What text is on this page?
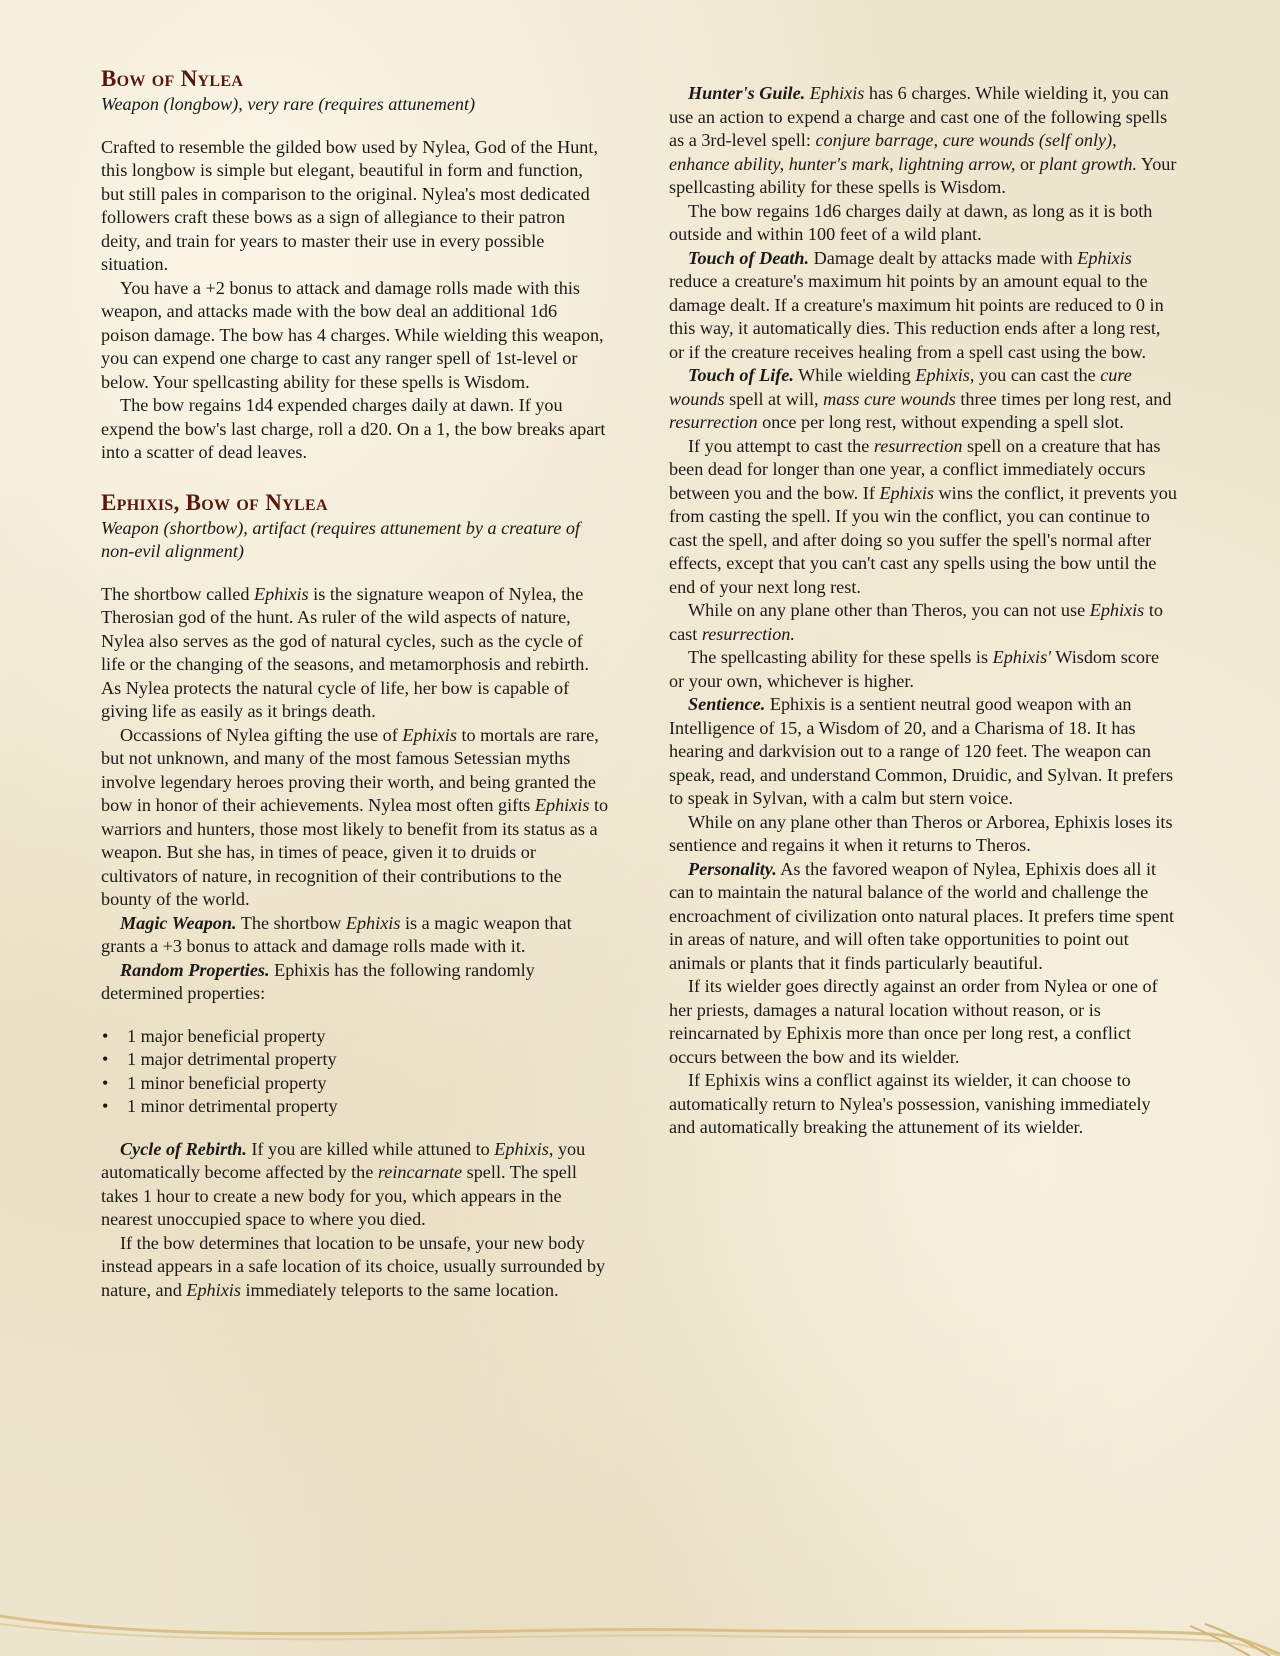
Bow of Nylea
Weapon (longbow), very rare (requires attunement)

Crafted to resemble the gilded bow used by Nylea, God of the Hunt, this longbow is simple but elegant, beautiful in form and function, but still pales in comparison to the original. Nylea's most dedicated followers craft these bows as a sign of allegiance to their patron deity, and train for years to master their use in every possible situation.

You have a +2 bonus to attack and damage rolls made with this weapon, and attacks made with the bow deal an additional 1d6 poison damage. The bow has 4 charges. While wielding this weapon, you can expend one charge to cast any ranger spell of 1st-level or below. Your spellcasting ability for these spells is Wisdom.

The bow regains 1d4 expended charges daily at dawn. If you expend the bow's last charge, roll a d20. On a 1, the bow breaks apart into a scatter of dead leaves.

Ephixis, Bow of Nylea
Weapon (shortbow), artifact (requires attunement by a creature of non-evil alignment)

The shortbow called Ephixis is the signature weapon of Nylea, the Therosian god of the hunt. As ruler of the wild aspects of nature, Nylea also serves as the god of natural cycles, such as the cycle of life or the changing of the seasons, and metamorphosis and rebirth. As Nylea protects the natural cycle of life, her bow is capable of giving life as easily as it brings death.

Occassions of Nylea gifting the use of Ephixis to mortals are rare, but not unknown, and many of the most famous Setessian myths involve legendary heroes proving their worth, and being granted the bow in honor of their achievements. Nylea most often gifts Ephixis to warriors and hunters, those most likely to benefit from its status as a weapon. But she has, in times of peace, given it to druids or cultivators of nature, in recognition of their contributions to the bounty of the world.

Magic Weapon. The shortbow Ephixis is a magic weapon that grants a +3 bonus to attack and damage rolls made with it.

Random Properties. Ephixis has the following randomly determined properties:

• 1 major beneficial property
• 1 major detrimental property
• 1 minor beneficial property
• 1 minor detrimental property

Cycle of Rebirth. If you are killed while attuned to Ephixis, you automatically become affected by the reincarnate spell. The spell takes 1 hour to create a new body for you, which appears in the nearest unoccupied space to where you died.

If the bow determines that location to be unsafe, your new body instead appears in a safe location of its choice, usually surrounded by nature, and Ephixis immediately teleports to the same location.

Hunter's Guile. Ephixis has 6 charges. While wielding it, you can use an action to expend a charge and cast one of the following spells as a 3rd-level spell: conjure barrage, cure wounds (self only), enhance ability, hunter's mark, lightning arrow, or plant growth. Your spellcasting ability for these spells is Wisdom.

The bow regains 1d6 charges daily at dawn, as long as it is both outside and within 100 feet of a wild plant.

Touch of Death. Damage dealt by attacks made with Ephixis reduce a creature's maximum hit points by an amount equal to the damage dealt. If a creature's maximum hit points are reduced to 0 in this way, it automatically dies. This reduction ends after a long rest, or if the creature receives healing from a spell cast using the bow.

Touch of Life. While wielding Ephixis, you can cast the cure wounds spell at will, mass cure wounds three times per long rest, and resurrection once per long rest, without expending a spell slot.

If you attempt to cast the resurrection spell on a creature that has been dead for longer than one year, a conflict immediately occurs between you and the bow. If Ephixis wins the conflict, it prevents you from casting the spell. If you win the conflict, you can continue to cast the spell, and after doing so you suffer the spell's normal after effects, except that you can't cast any spells using the bow until the end of your next long rest.

While on any plane other than Theros, you can not use Ephixis to cast resurrection.

The spellcasting ability for these spells is Ephixis' Wisdom score or your own, whichever is higher.

Sentience. Ephixis is a sentient neutral good weapon with an Intelligence of 15, a Wisdom of 20, and a Charisma of 18. It has hearing and darkvision out to a range of 120 feet. The weapon can speak, read, and understand Common, Druidic, and Sylvan. It prefers to speak in Sylvan, with a calm but stern voice.

While on any plane other than Theros or Arborea, Ephixis loses its sentience and regains it when it returns to Theros.

Personality. As the favored weapon of Nylea, Ephixis does all it can to maintain the natural balance of the world and challenge the encroachment of civilization onto natural places. It prefers time spent in areas of nature, and will often take opportunities to point out animals or plants that it finds particularly beautiful.

If its wielder goes directly against an order from Nylea or one of her priests, damages a natural location without reason, or is reincarnated by Ephixis more than once per long rest, a conflict occurs between the bow and its wielder.

If Ephixis wins a conflict against its wielder, it can choose to automatically return to Nylea's possession, vanishing immediately and automatically breaking the attunement of its wielder.
